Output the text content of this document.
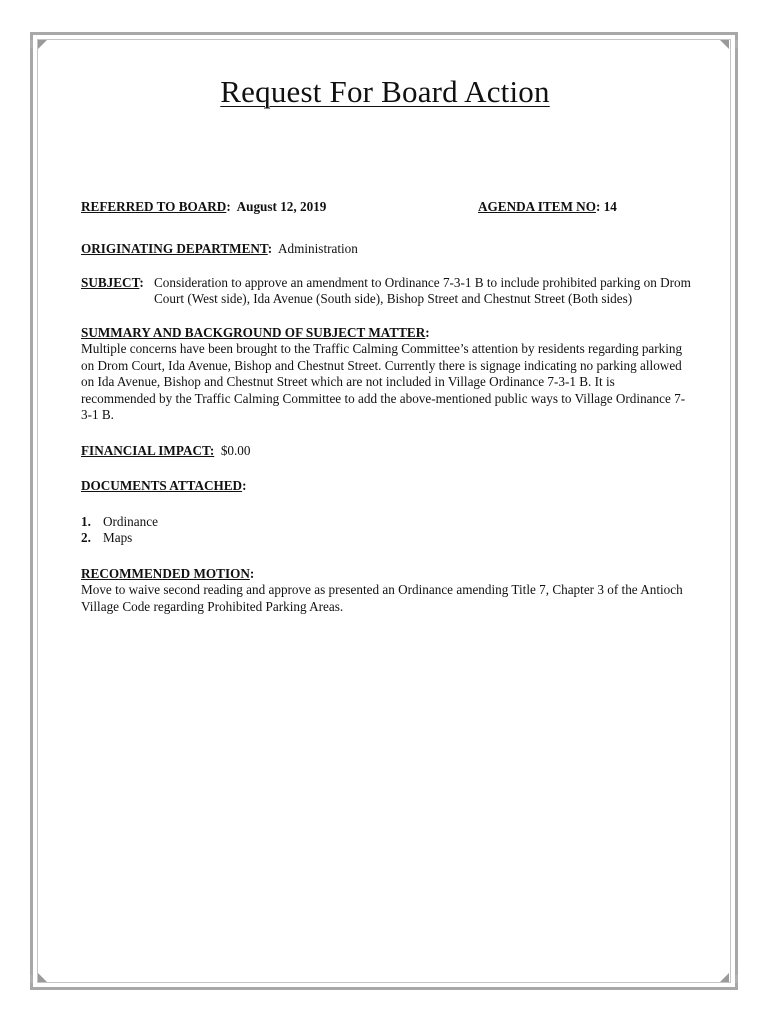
Request For Board Action
REFERRED TO BOARD:  August 12, 2019	AGENDA ITEM NO: 14
ORIGINATING DEPARTMENT: Administration
SUBJECT: Consideration to approve an amendment to Ordinance 7-3-1 B to include prohibited parking on Drom Court (West side), Ida Avenue (South side), Bishop Street and Chestnut Street (Both sides)
SUMMARY AND BACKGROUND OF SUBJECT MATTER:
Multiple concerns have been brought to the Traffic Calming Committee’s attention by residents regarding parking on Drom Court, Ida Avenue, Bishop and Chestnut Street. Currently there is signage indicating no parking allowed on Ida Avenue, Bishop and Chestnut Street which are not included in Village Ordinance 7-3-1 B. It is recommended by the Traffic Calming Committee to add the above-mentioned public ways to Village Ordinance 7-3-1 B.
FINANCIAL IMPACT: $0.00
DOCUMENTS ATTACHED:
1. Ordinance
2. Maps
RECOMMENDED MOTION:
Move to waive second reading and approve as presented an Ordinance amending Title 7, Chapter 3 of the Antioch Village Code regarding Prohibited Parking Areas.
